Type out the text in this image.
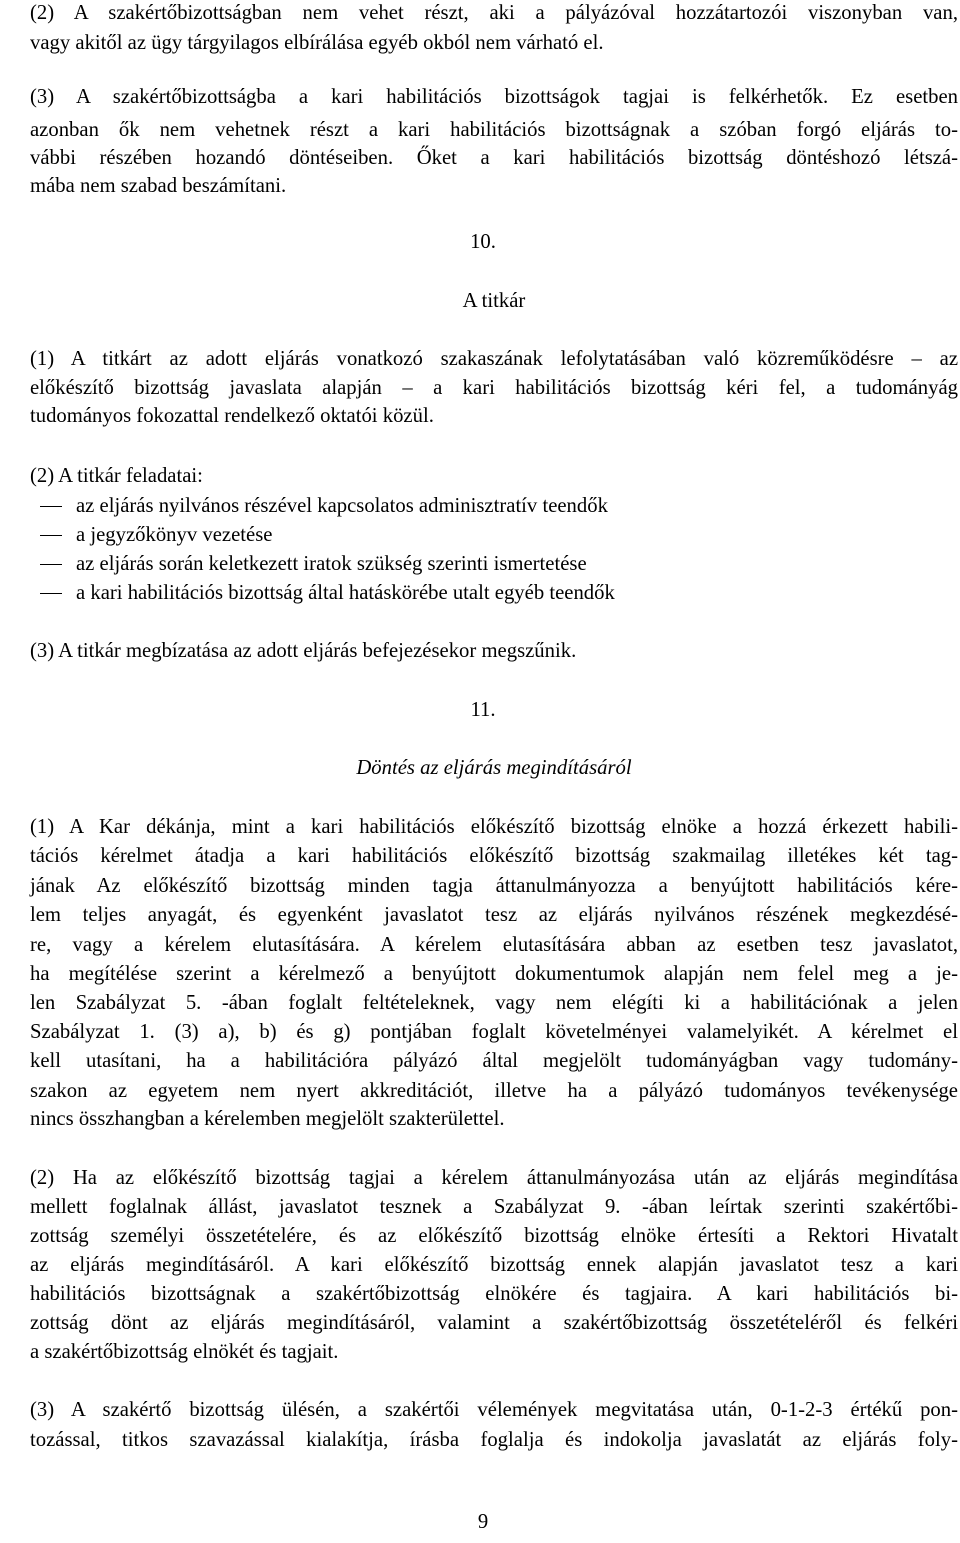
(2) A szakértőbizottságban nem vehet részt, aki a pályázóval hozzátartozói viszonyban van,
vagy akitől az ügy tárgyilagos elbírálása egyéb okból nem várható el.
(3) A szakértőbizottságba a kari habilitációs bizottságok tagjai is felkérhetők. Ez esetben
azonban ők nem vehetnek részt a kari habilitációs bizottságnak a szóban forgó eljárás to-
vábbi részében hozandó döntéseiben. Őket a kari habilitációs bizottság döntéshozó létszá-
mába nem szabad beszámítani.
10.
A titkár
(1) A titkárt az adott eljárás vonatkozó szakaszának lefolytatásában való közreműködésre – az
előkészítő bizottság javaslata alapján – a kari habilitációs bizottság kéri fel, a tudományág
tudományos fokozattal rendelkező oktatói közül.
(2) A titkár feladatai:
az eljárás nyilvános részével kapcsolatos adminisztratív teendők
a jegyzőkönyv vezetése
az eljárás során keletkezett iratok szükség szerinti ismertetése
a kari habilitációs bizottság által hatáskörébe utalt egyéb teendők
(3) A titkár megbízatása az adott eljárás befejezésekor megszűnik.
11.
Döntés az eljárás megindításáról
(1) A Kar dékánja, mint a kari habilitációs előkészítő bizottság elnöke a hozzá érkezett habili-
tációs kérelmet átadja a kari habilitációs előkészítő bizottság szakmailag illetékes két tag-
jának Az előkészítő bizottság minden tagja áttanulmányozza a benyújtott habilitációs kére-
lem teljes anyagát, és egyenként javaslatot tesz az eljárás nyilvános részének megkezdésé-
re, vagy a kérelem elutasítására. A kérelem elutasítására abban az esetben tesz javaslatot,
ha megítélése szerint a kérelmező a benyújtott dokumentumok alapján nem felel meg a je-
len Szabályzat 5. -ában foglalt feltételeknek, vagy nem elégíti ki a habilitációnak a jelen
Szabályzat 1. (3) a), b) és g) pontjában foglalt követelményei valamelyikét. A kérelmet el
kell utasítani, ha a habilitációra pályázó által megjelölt tudományágban vagy tudomány-
szakon az egyetem nem nyert akkreditációt, illetve ha a pályázó tudományos tevékenysége
nincs összhangban a kérelemben megjelölt szakterülettel.
(2) Ha az előkészítő bizottság tagjai a kérelem áttanulmányozása után az eljárás megindítása
mellett foglalnak állást, javaslatot tesznek a Szabályzat 9. -ában leírtak szerinti szakértőbi-
zottság személyi összetételére, és az előkészítő bizottság elnöke értesíti a Rektori Hivatalt
az eljárás megindításáról. A kari előkészítő bizottság ennek alapján javaslatot tesz a kari
habilitációs bizottságnak a szakértőbizottság elnökére és tagjaira. A kari habilitációs bi-
zottság dönt az eljárás megindításáról, valamint a szakértőbizottság összetételéről és felkéri
a szakértőbizottság elnökét és tagjait.
(3) A szakértő bizottság ülésén, a szakértői vélemények megvitatása után, 0-1-2-3 értékű pon-
tozással, titkos szavazással kialakítja, írásba foglalja és indokolja javaslatát az eljárás foly-
9
